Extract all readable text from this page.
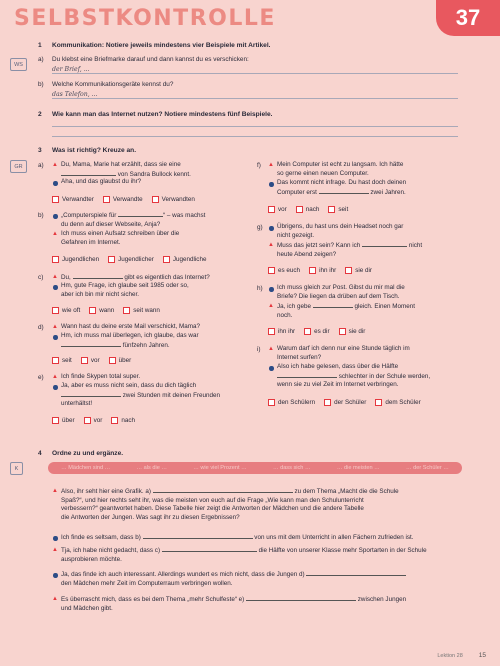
SELBSTKONTROLLE	37
WS
1 Kommunikation: Notiere jeweils mindestens vier Beispiele mit Artikel.
a) Du klebst eine Briefmarke darauf und dann kannst du es verschicken:
der Brief, ...
b) Welche Kommunikationsgeräte kennst du?
das Telefon, ...
2 Wie kann man das Internet nutzen? Notiere mindestens fünf Beispiele.
GR
3 Was ist richtig? Kreuze an.
a) ▲ Du, Mama, Marie hat erzählt, dass sie eine
von Sandra Bullock kennt.
Aha, und das glaubst du ihr?
Verwandter	Verwandte	Verwandten
b)	„Computerspiele für	“ – was machst
du denn auf dieser Webseite, Anja?
▲ Ich muss einen Aufsatz schreiben über die
Gefahren im Internet.
Jugendlichen	Jugendlicher	Jugendliche
c) ▲ Du,	gibt es eigentlich das Internet?
Hm, gute Frage, ich glaube seit 1985 oder so,
aber ich bin mir nicht sicher.
wie oft	wann	seit wann
d) ▲ Wann hast du deine erste Mail verschickt, Mama?
Hm, ich muss mal überlegen, ich glaube, das war
fünfzehn Jahren.
seit	vor	über
e) ▲ Ich finde Skypen total super.
Ja, aber es muss nicht sein, dass du dich täglich
zwei Stunden mit deinen Freunden
unterhältst!
über	vor	nach
f) ▲ Mein Computer ist echt zu langsam. Ich hätte
so gerne einen neuen Computer.
Das kommt nicht infrage. Du hast doch deinen
Computer erst	zwei Jahren.
vor	nach	seit
g) Übrigens, du hast uns dein Headset noch gar
nicht gezeigt.
▲ Muss das jetzt sein? Kann ich	nicht
heute Abend zeigen?
es euch	ihn ihr	sie dir
h) Ich muss gleich zur Post. Gibst du mir mal die
Briefe? Die liegen da drüben auf dem Tisch.
▲ Ja, ich gebe	gleich. Einen Moment
noch.
ihn ihr	es dir	sie dir
i) ▲ Warum darf ich denn nur eine Stunde täglich im
Internet surfen?
Also ich habe gelesen, dass über die Hälfte
schlechter in der Schule werden,
wenn sie zu viel Zeit im Internet verbringen.
den Schülern	der Schüler	dem Schüler
K
4 Ordne zu und ergänze.
… Mädchen sind …	… als die …	… wie viel Prozent …	… dass sich …	… die meisten …	… der Schüler …
▲ Also, ihr seht hier eine Grafik. a)	zu dem Thema „Macht die die Schule
Spaß?“, und hier rechts seht ihr, was die meisten von euch auf die Frage „Wie kann man den Schulunterricht
verbessern?“ geantwortet haben. Diese Tabelle hier zeigt die Antworten der Mädchen und die andere Tabelle
die Antworten der Jungen. Was sagt ihr zu diesen Ergebnissen?
Ich finde es seltsam, dass b)	von uns mit dem Unterricht in allen Fächern zufrieden ist.
▲ Tja, ich habe nicht gedacht, dass c)	die Hälfte von unserer Klasse mehr Sportarten in der Schule
ausprobieren möchte.
Ja, das finde ich auch interessant. Allerdings wundert es mich nicht, dass die Jungen d)
den Mädchen mehr Zeit im Computerraum verbringen wollen.
▲ Es überrascht mich, dass es bei dem Thema „mehr Schulfeste“ e)	zwischen Jungen
und Mädchen gibt.
Lektion 28 15
